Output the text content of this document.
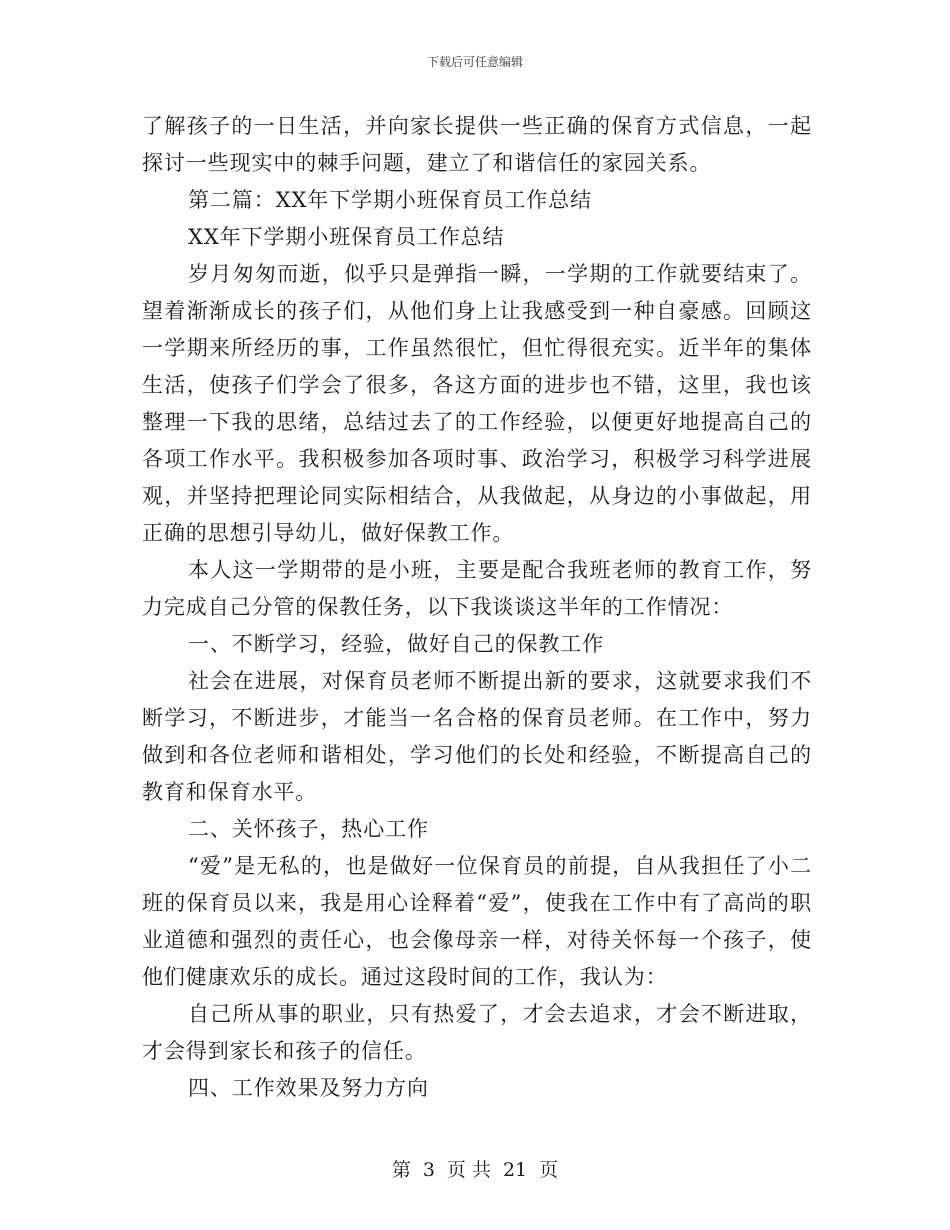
下载后可任意编辑

了解孩子的一日生活，并向家长提供一些正确的保育方式信息，一起探讨一些现实中的棘手问题，建立了和谐信任的家园关系。

第二篇：XX年下学期小班保育员工作总结

XX年下学期小班保育员工作总结

岁月匆匆而逝，似乎只是弹指一瞬，一学期的工作就要结束了。望着渐渐成长的孩子们，从他们身上让我感受到一种自豪感。回顾这一学期来所经历的事，工作虽然很忙，但忙得很充实。近半年的集体生活，使孩子们学会了很多，各这方面的进步也不错，这里，我也该整理一下我的思绪，总结过去了的工作经验，以便更好地提高自己的各项工作水平。我积极参加各项时事、政治学习，积极学习科学进展观，并坚持把理论同实际相结合，从我做起，从身边的小事做起，用正确的思想引导幼儿，做好保教工作。

本人这一学期带的是小班，主要是配合我班老师的教育工作，努力完成自己分管的保教任务，以下我谈谈这半年的工作情况：

一、不断学习，经验，做好自己的保教工作

社会在进展，对保育员老师不断提出新的要求，这就要求我们不断学习，不断进步，才能当一名合格的保育员老师。在工作中，努力做到和各位老师和谐相处，学习他们的长处和经验，不断提高自己的教育和保育水平。

二、关怀孩子，热心工作

“爱”是无私的，也是做好一位保育员的前提，自从我担任了小二班的保育员以来，我是用心诠释着“爱”，使我在工作中有了高尚的职业道德和强烈的责任心，也会像母亲一样，对待关怀每一个孩子，使他们健康欢乐的成长。通过这段时间的工作，我认为：

自己所从事的职业，只有热爱了，才会去追求，才会不断进取，才会得到家长和孩子的信任。

四、工作效果及努力方向

第 3 页 共 21 页
